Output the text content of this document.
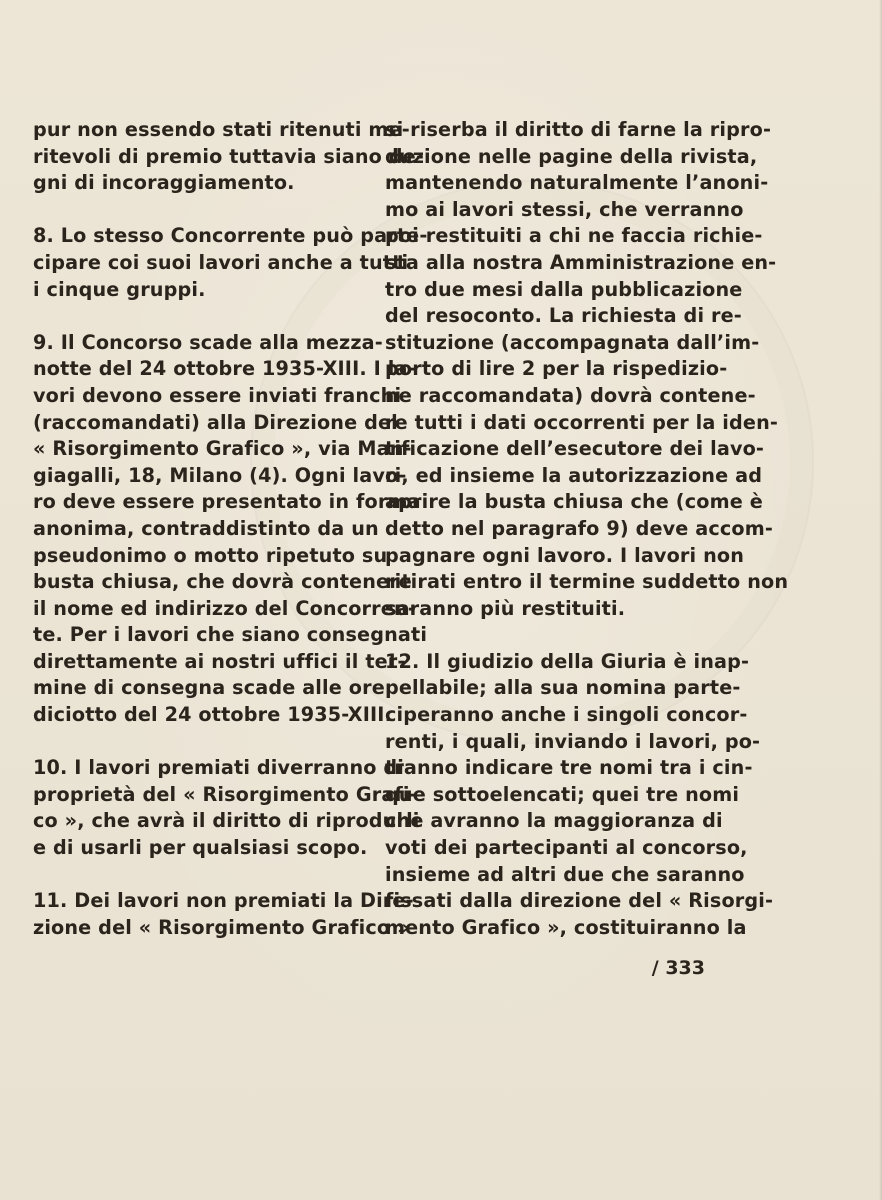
pur non essendo stati ritenuti me-
ritevoli di premio tuttavia siano de-
gni di incoraggiamento.
8. Lo stesso Concorrente può parte-
cipare coi suoi lavori anche a tutti
i cinque gruppi.
9. Il Concorso scade alla mezza-
notte del 24 ottobre 1935-XIII. I la-
vori devono essere inviati franchi
(raccomandati) alla Direzione del
« Risorgimento Grafico », via Man-
giagalli, 18, Milano (4). Ogni lavo-
ro deve essere presentato in forma
anonima, contraddistinto da un
pseudonimo o motto ripetuto su
busta chiusa, che dovrà contenere
il nome ed indirizzo del Concorren-
te. Per i lavori che siano consegnati
direttamente ai nostri uffici il ter-
mine di consegna scade alle ore
diciotto del 24 ottobre 1935-XIII.
10. I lavori premiati diverranno di
proprietà del « Risorgimento Grafi-
co », che avrà il diritto di riprodurli
e di usarli per qualsiasi scopo.
11. Dei lavori non premiati la Dire-
zione del « Risorgimento Grafico »
si riserba il diritto di farne la ripro-
duzione nelle pagine della rivista,
mantenendo naturalmente l’anoni-
mo ai lavori stessi, che verranno
poi restituiti a chi ne faccia richie-
sta alla nostra Amministrazione en-
tro due mesi dalla pubblicazione
del resoconto. La richiesta di re-
stituzione (accompagnata dall’im-
porto di lire 2 per la rispedizio-
ne raccomandata) dovrà contene-
re tutti i dati occorrenti per la iden-
tificazione dell’esecutore dei lavo-
ri, ed insieme la autorizzazione ad
aprire la busta chiusa che (come è
detto nel paragrafo 9) deve accom-
pagnare ogni lavoro. I lavori non
ritirati entro il termine suddetto non
saranno più restituiti.
12. Il giudizio della Giuria è inap-
pellabile; alla sua nomina parte-
ciperanno anche i singoli concor-
renti, i quali, inviando i lavori, po-
tranno indicare tre nomi tra i cin-
que sottoelencati; quei tre nomi
che avranno la maggioranza di
voti dei partecipanti al concorso,
insieme ad altri due che saranno
fissati dalla direzione del « Risorgi-
mento Grafico », costituiranno la
/ 333
